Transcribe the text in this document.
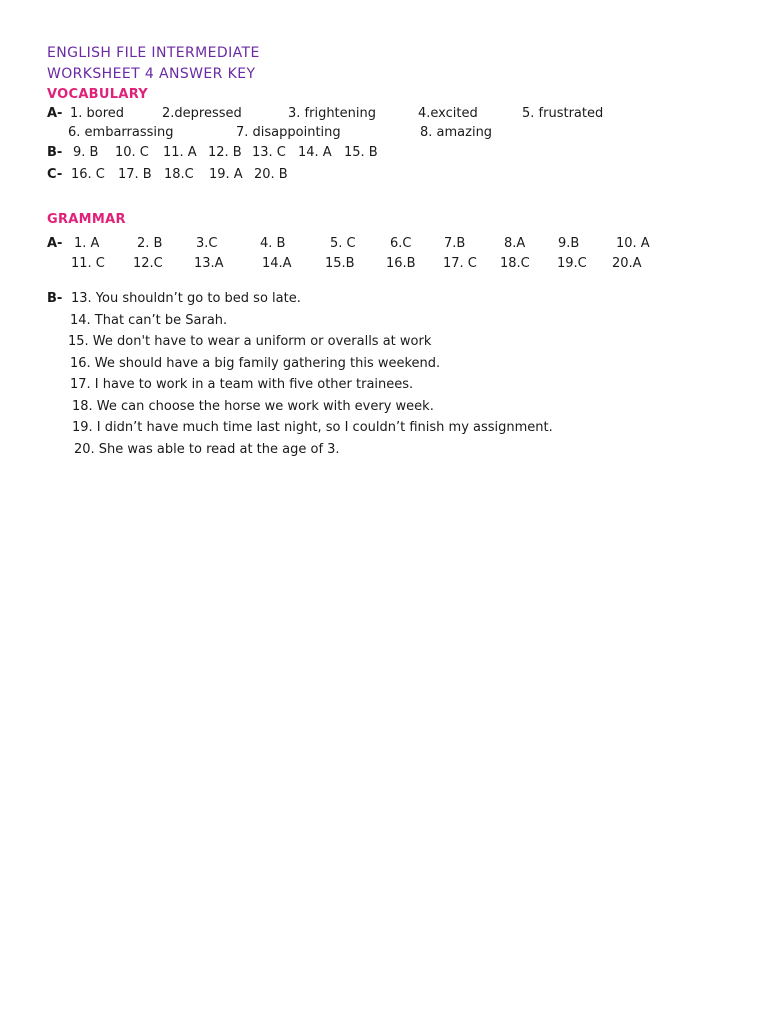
ENGLISH FILE INTERMEDIATE
WORKSHEET 4 ANSWER KEY
VOCABULARY
A- 1. bored	2.depressed	3. frightening	4.excited	5. frustrated
6. embarrassing	7. disappointing	8. amazing
B- 9. B 10. C 11. A 12. B 13. C 14. A 15. B
C- 16. C 17. B 18.C 19. A 20. B
GRAMMAR
A- 1. A	2. B	3.C	4. B	5. C	6.C	7.B	8.A	9.B	10. A
11. C 12.C 13.A	14.A	15.B 16.B 17. C 18.C 19.C 20.A
B- 13. You shouldn’t go to bed so late.
14. That can’t be Sarah.
15. We don't have to wear a uniform or overalls at work
16. We should have a big family gathering this weekend.
17. I have to work in a team with five other trainees.
18. We can choose the horse we work with every week.
19. I didn’t have much time last night, so I couldn’t finish my assignment.
20. She was able to read at the age of 3.
